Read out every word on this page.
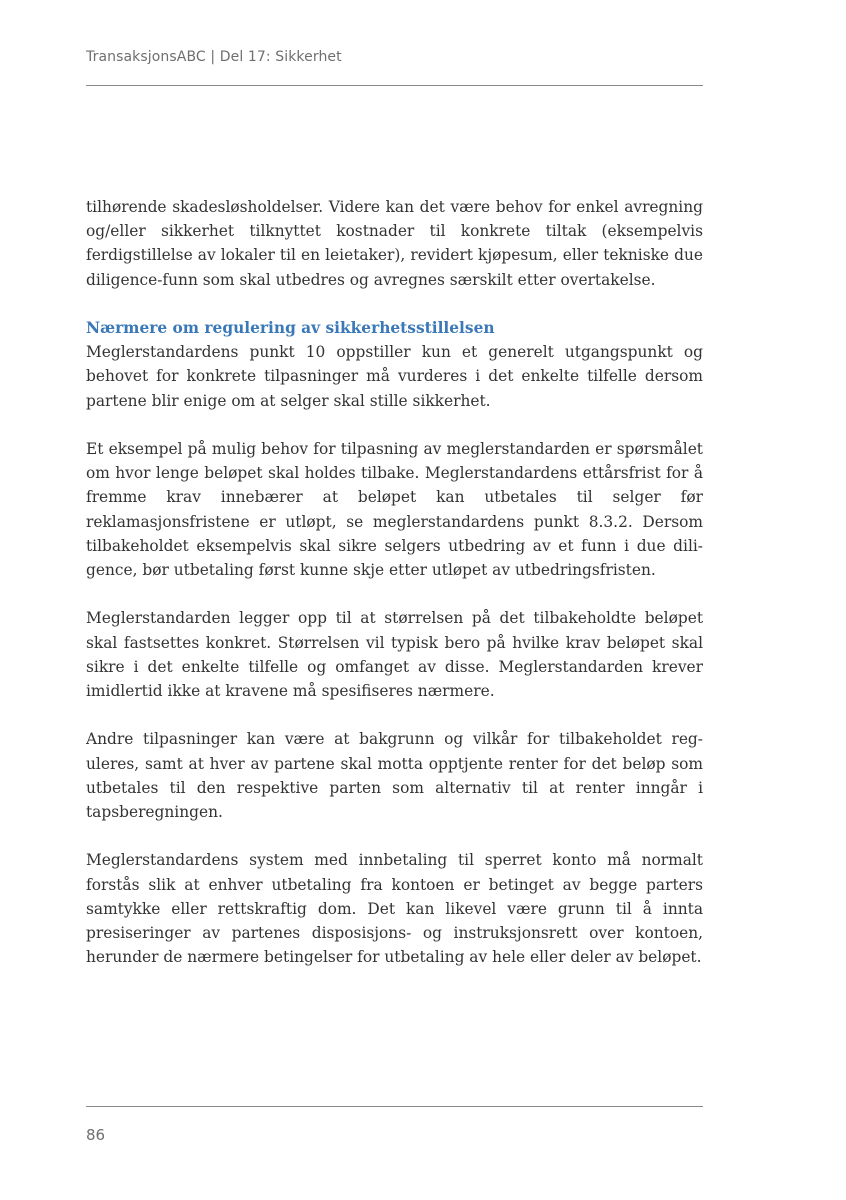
TransaksjonsABC | Del 17: Sikkerhet

tilhørende skadesløsholdelser. Videre kan det være behov for enkel avregning og/eller sikkerhet tilknyttet kostnader til konkrete tiltak (eksempelvis ferdigstillelse av lokaler til en leietaker), revidert kjøpesum, eller tekniske due diligence-funn som skal utbedres og avregnes særskilt etter overtakelse.

Nærmere om regulering av sikkerhetsstillelsen

Meglerstandardens punkt 10 oppstiller kun et generelt utgangspunkt og behovet for konkrete tilpasninger må vurderes i det enkelte tilfelle dersom partene blir enige om at selger skal stille sikkerhet.

Et eksempel på mulig behov for tilpasning av meglerstandarden er spørsmålet om hvor lenge beløpet skal holdes tilbake. Meglerstandardens ettårsfrist for å fremme krav innebærer at beløpet kan utbetales til selger før reklamasjonsfristene er utløpt, se meglerstandardens punkt 8.3.2. Dersom tilbakeholdet eksempelvis skal sikre selgers utbedring av et funn i due diligence, bør utbetaling først kunne skje etter utløpet av utbedringsfristen.

Meglerstandarden legger opp til at størrelsen på det tilbakeholdte beløpet skal fastsettes konkret. Størrelsen vil typisk bero på hvilke krav beløpet skal sikre i det enkelte tilfelle og omfanget av disse. Meglerstandarden krever imidlertid ikke at kravene må spesifiseres nærmere.

Andre tilpasninger kan være at bakgrunn og vilkår for tilbakeholdet reguleres, samt at hver av partene skal motta opptjente renter for det beløp som utbetales til den respektive parten som alternativ til at renter inngår i tapsberegningen.

Meglerstandardens system med innbetaling til sperret konto må normalt forstås slik at enhver utbetaling fra kontoen er betinget av begge parters samtykke eller rettskraftig dom. Det kan likevel være grunn til å innta presiseringer av partenes disposisjons- og instruksjonsrett over kontoen, herunder de nærmere betingelser for utbetaling av hele eller deler av beløpet.

86
